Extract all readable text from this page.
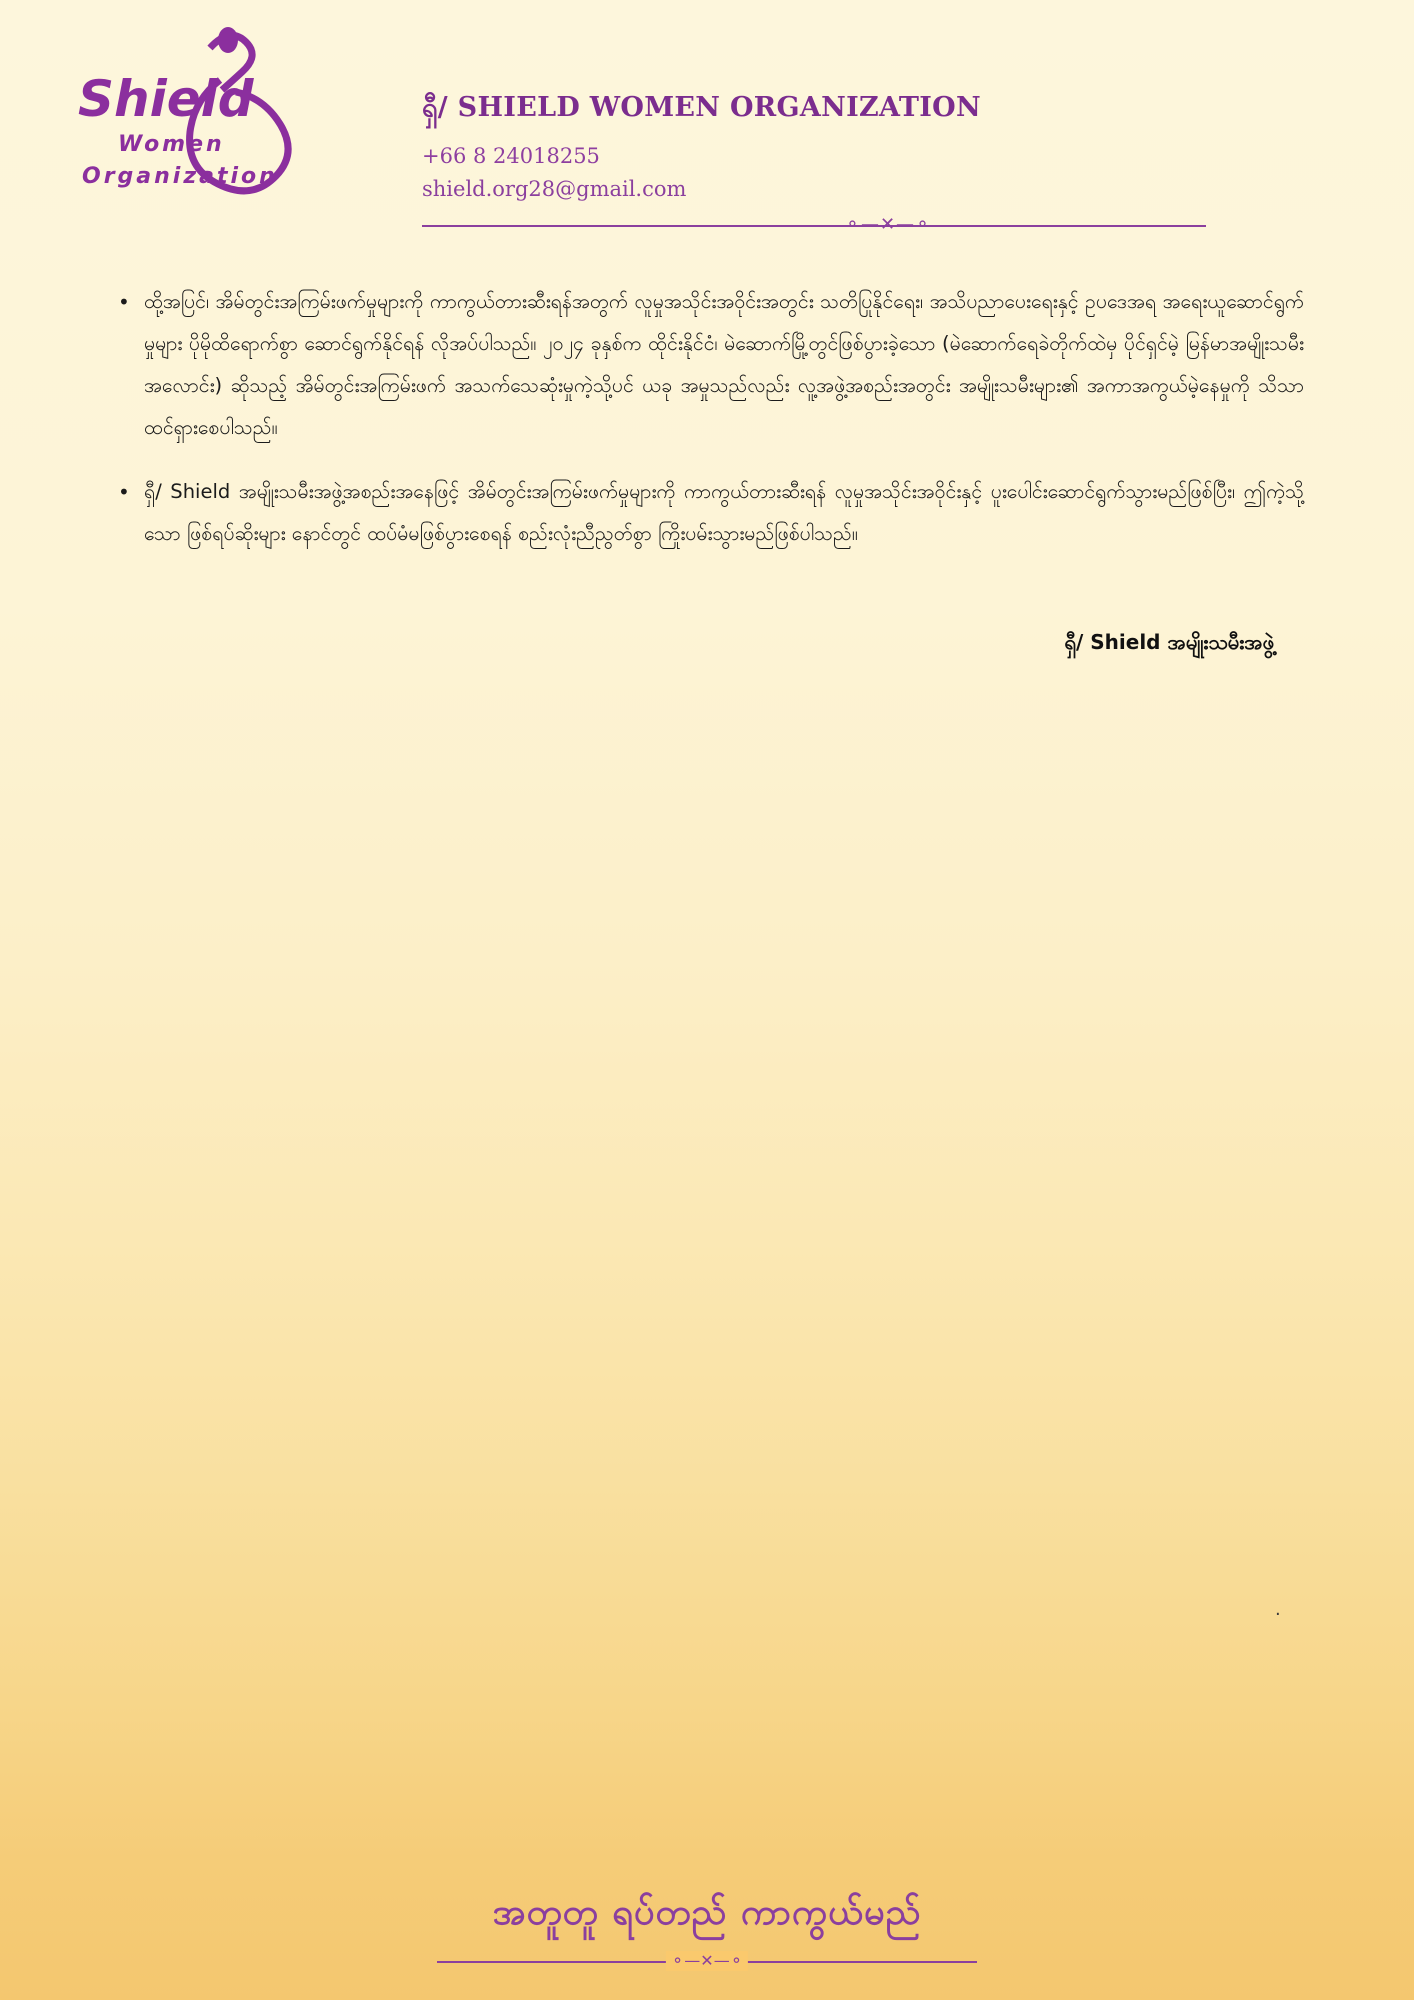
Shield
Women
Organization
ရှီ/ SHIELD WOMEN ORGANIZATION
+66 8 24018255
shield.org28@gmail.com
⚬—✕—⚬
• ထို့အပြင်၊ အိမ်တွင်းအကြမ်းဖက်မှုများကို ကာကွယ်တားဆီးရန်အတွက် လူမှုအသိုင်းအဝိုင်းအတွင်း သတိပြုနိုင်ရေး၊ အသိပညာပေးရေးနှင့် ဥပဒေအရ အရေးယူဆောင်ရွက်မှုများ ပိုမိုထိရောက်စွာ ဆောင်ရွက်နိုင်ရန် လိုအပ်ပါသည်။ ၂၀၂၄ ခုနှစ်က ထိုင်းနိုင်ငံ၊ မဲဆောက်မြို့တွင်ဖြစ်ပွားခဲ့သော (မဲဆောက်ရေခဲတိုက်ထဲမှ ပိုင်ရှင်မဲ့ မြန်မာအမျိုးသမီး အလောင်း) ဆိုသည့် အိမ်တွင်းအကြမ်းဖက် အသက်သေဆုံးမှုကဲ့သို့ပင် ယခု အမှုသည်လည်း လူ့အဖွဲ့အစည်းအတွင်း အမျိုးသမီးများ၏ အကာအကွယ်မဲ့နေမှုကို သိသာထင်ရှားစေပါသည်။
• ရှီ/ Shield အမျိုးသမီးအဖွဲ့အစည်းအနေဖြင့် အိမ်တွင်းအကြမ်းဖက်မှုများကို ကာကွယ်တားဆီးရန် လူမှုအသိုင်းအဝိုင်းနှင့် ပူးပေါင်းဆောင်ရွက်သွားမည်ဖြစ်ပြီး၊ ဤကဲ့သို့သော ဖြစ်ရပ်ဆိုးများ နောင်တွင် ထပ်မံမဖြစ်ပွားစေရန် စည်းလုံးညီညွတ်စွာ ကြိုးပမ်းသွားမည်ဖြစ်ပါသည်။
ရှီ/ Shield အမျိုးသမီးအဖွဲ့
.
အတူတူ ရပ်တည် ကာကွယ်မည်
⚬—✕—⚬
